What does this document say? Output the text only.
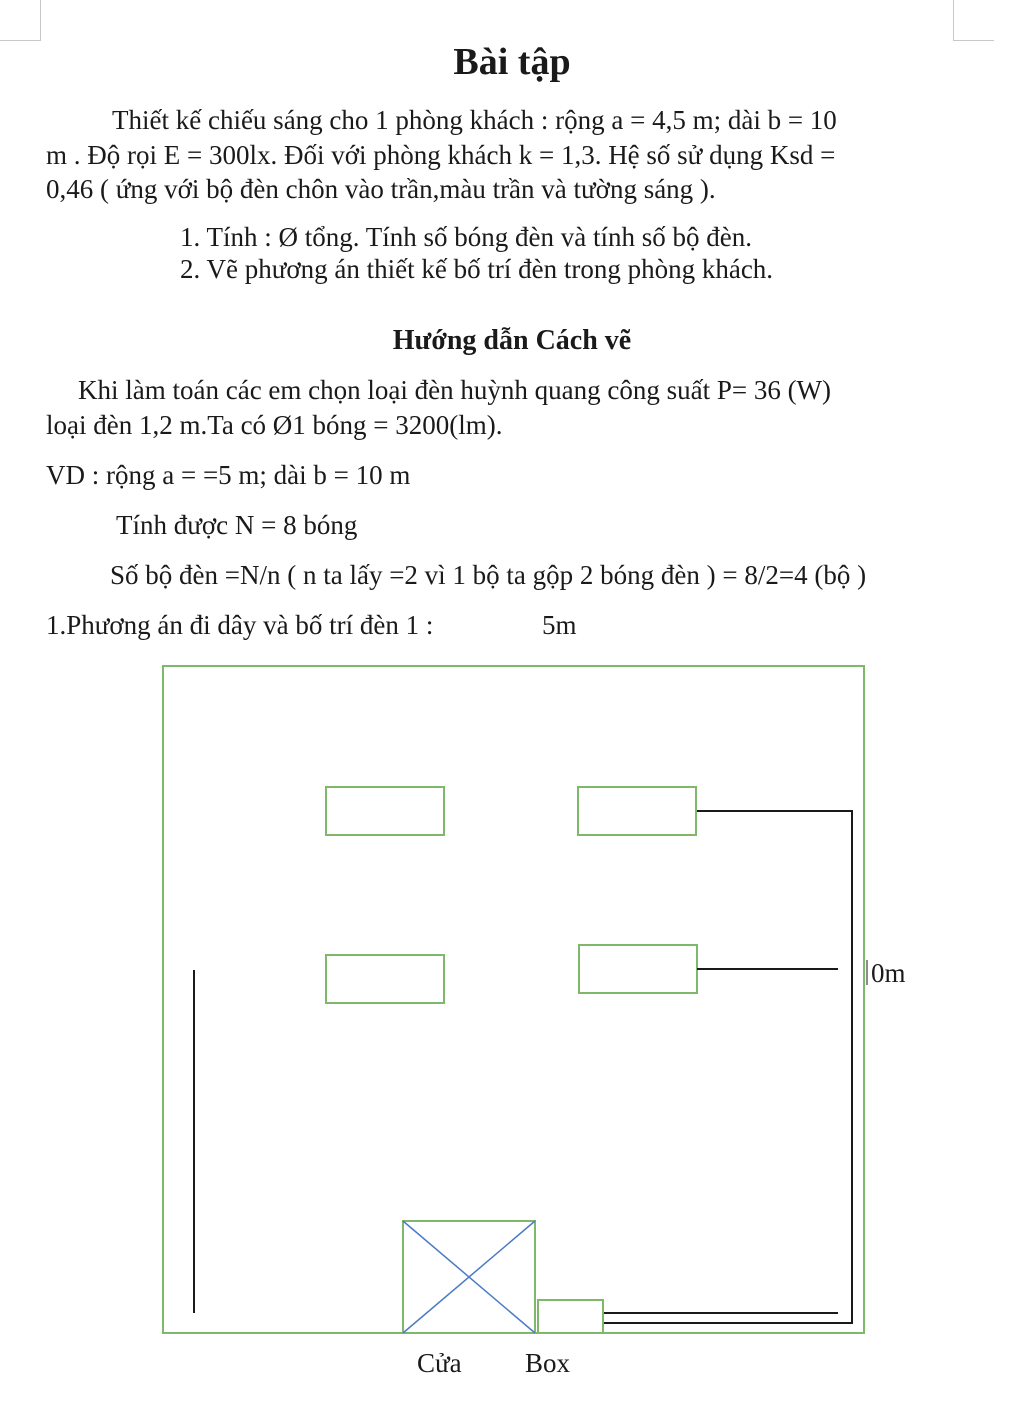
Bài tập

Thiết kế chiếu sáng cho 1 phòng khách : rộng a = 4,5 m; dài b = 10

m . Độ rọi E = 300lx. Đối với phòng khách k = 1,3. Hệ số sử dụng Ksd =

0,46 ( ứng với bộ đèn chôn vào trần,màu trần và tường sáng ).

1. Tính : Ø tổng. Tính số bóng đèn và tính số bộ đèn.
2. Vẽ phương án thiết kế bố trí đèn trong phòng khách.
Hướng dẫn Cách vẽ
Khi làm toán các em chọn loại đèn huỳnh quang công suất P= 36 (W)
loại đèn 1,2 m.Ta có Ø1 bóng = 3200(lm).
VD : rộng a = =5 m; dài b = 10 m
Tính được N = 8 bóng
Số bộ đèn =N/n ( n ta lấy =2 vì 1 bộ ta gộp 2 bóng đèn ) = 8/2=4 (bộ )
1.Phương án đi dây và bố trí đèn 1 :	5m
0m
Cửa Box
